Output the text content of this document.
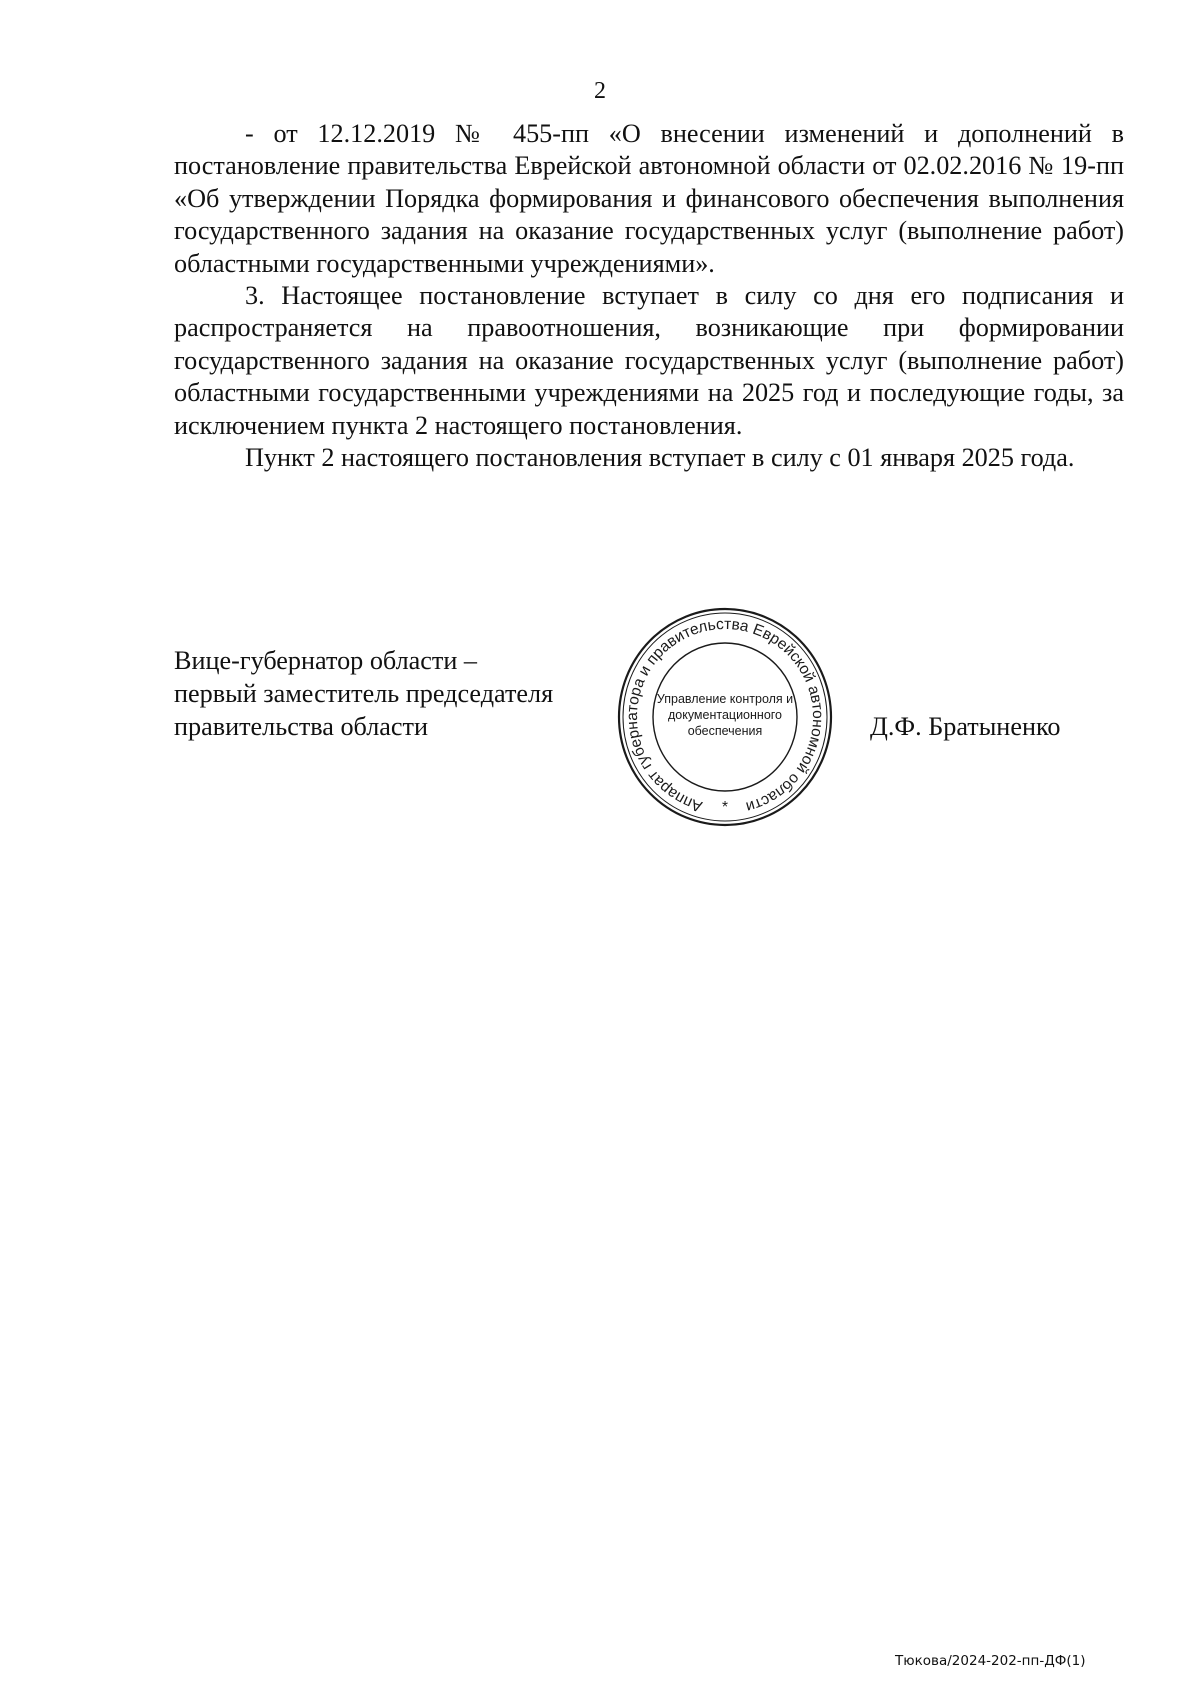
2

- от 12.12.2019 № 455-пп «О внесении изменений и дополнений в постановление правительства Еврейской автономной области от 02.02.2016 № 19-пп «Об утверждении Порядка формирования и финансового обеспечения выполнения государственного задания на оказание государственных услуг (выполнение работ) областными государственными учреждениями».

3. Настоящее постановление вступает в силу со дня его подписания и распространяется на правоотношения, возникающие при формировании государственного задания на оказание государственных услуг (выполнение работ) областными государственными учреждениями на 2025 год и последующие годы, за исключением пункта 2 настоящего постановления.

Пункт 2 настоящего постановления вступает в силу с 01 января 2025 года.

Вице-губернатор области –
первый заместитель председателя
правительства области
Аппарат губернатора и правительства Еврейской автономной области
Управление контроля и
документационного
обеспечения
*
Д.Ф. Братыненко
Тюкова/2024-202-пп-ДФ(1)
